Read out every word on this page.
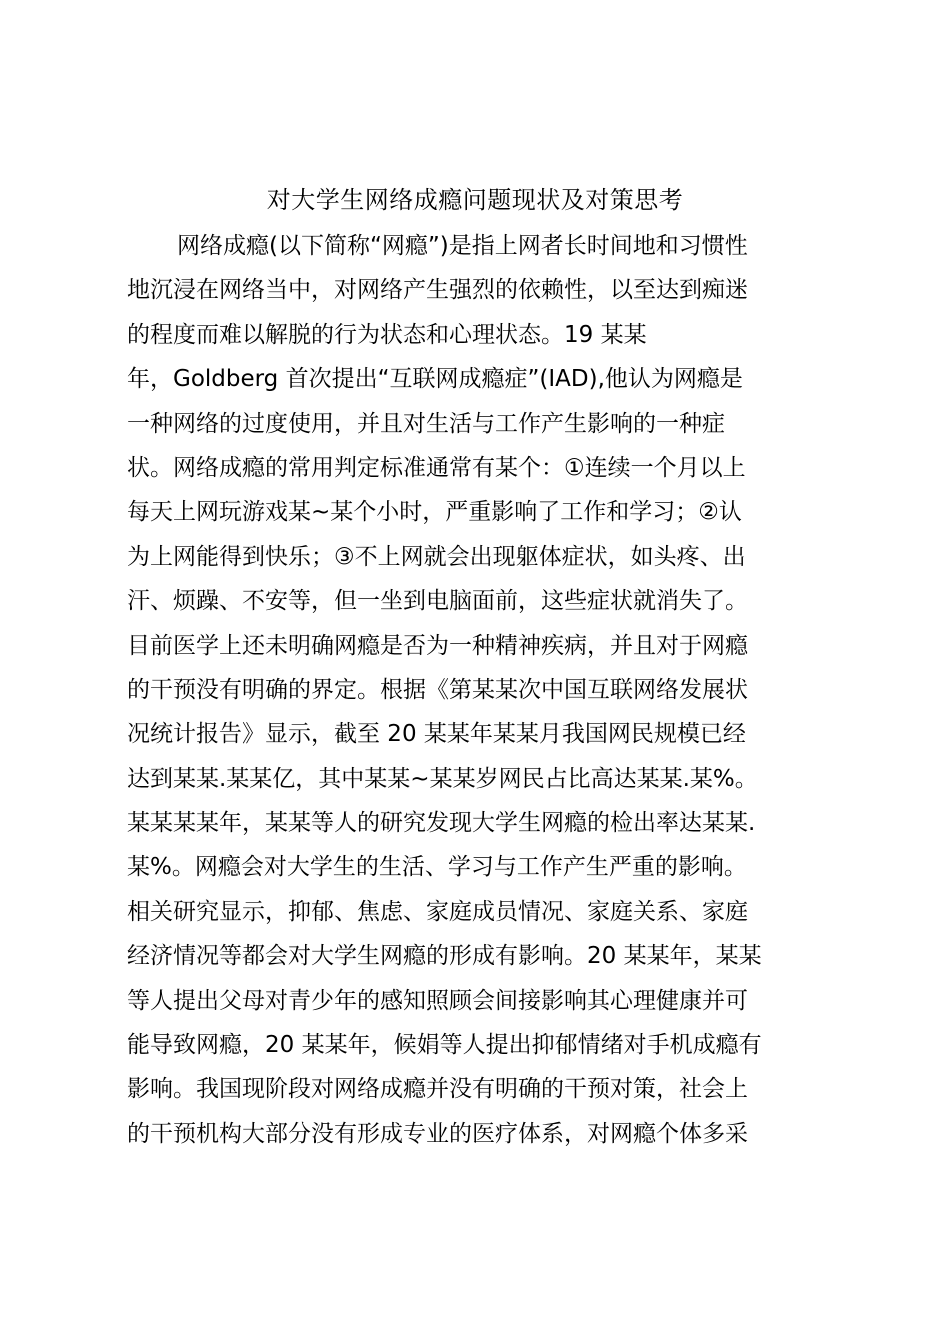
对大学生网络成瘾问题现状及对策思考
网络成瘾(以下简称“网瘾”)是指上网者长时间地和习惯性
地沉浸在网络当中，对网络产生强烈的依赖性，以至达到痴迷
的程度而难以解脱的行为状态和心理状态。19 某某
年，Goldberg 首次提出“互联网成瘾症”(IAD),他认为网瘾是
一种网络的过度使用，并且对生活与工作产生影响的一种症
状。网络成瘾的常用判定标准通常有某个：①连续一个月以上
每天上网玩游戏某~某个小时，严重影响了工作和学习；②认
为上网能得到快乐；③不上网就会出现躯体症状，如头疼、出
汗、烦躁、不安等，但一坐到电脑面前，这些症状就消失了。
目前医学上还未明确网瘾是否为一种精神疾病，并且对于网瘾
的干预没有明确的界定。根据《第某某次中国互联网络发展状
况统计报告》显示，截至 20 某某年某某月我国网民规模已经
达到某某.某某亿，其中某某~某某岁网民占比高达某某.某%。
某某某某年，某某等人的研究发现大学生网瘾的检出率达某某.
某%。网瘾会对大学生的生活、学习与工作产生严重的影响。
相关研究显示，抑郁、焦虑、家庭成员情况、家庭关系、家庭
经济情况等都会对大学生网瘾的形成有影响。20 某某年，某某
等人提出父母对青少年的感知照顾会间接影响其心理健康并可
能导致网瘾，20 某某年，候娟等人提出抑郁情绪对手机成瘾有
影响。我国现阶段对网络成瘾并没有明确的干预对策，社会上
的干预机构大部分没有形成专业的医疗体系，对网瘾个体多采
